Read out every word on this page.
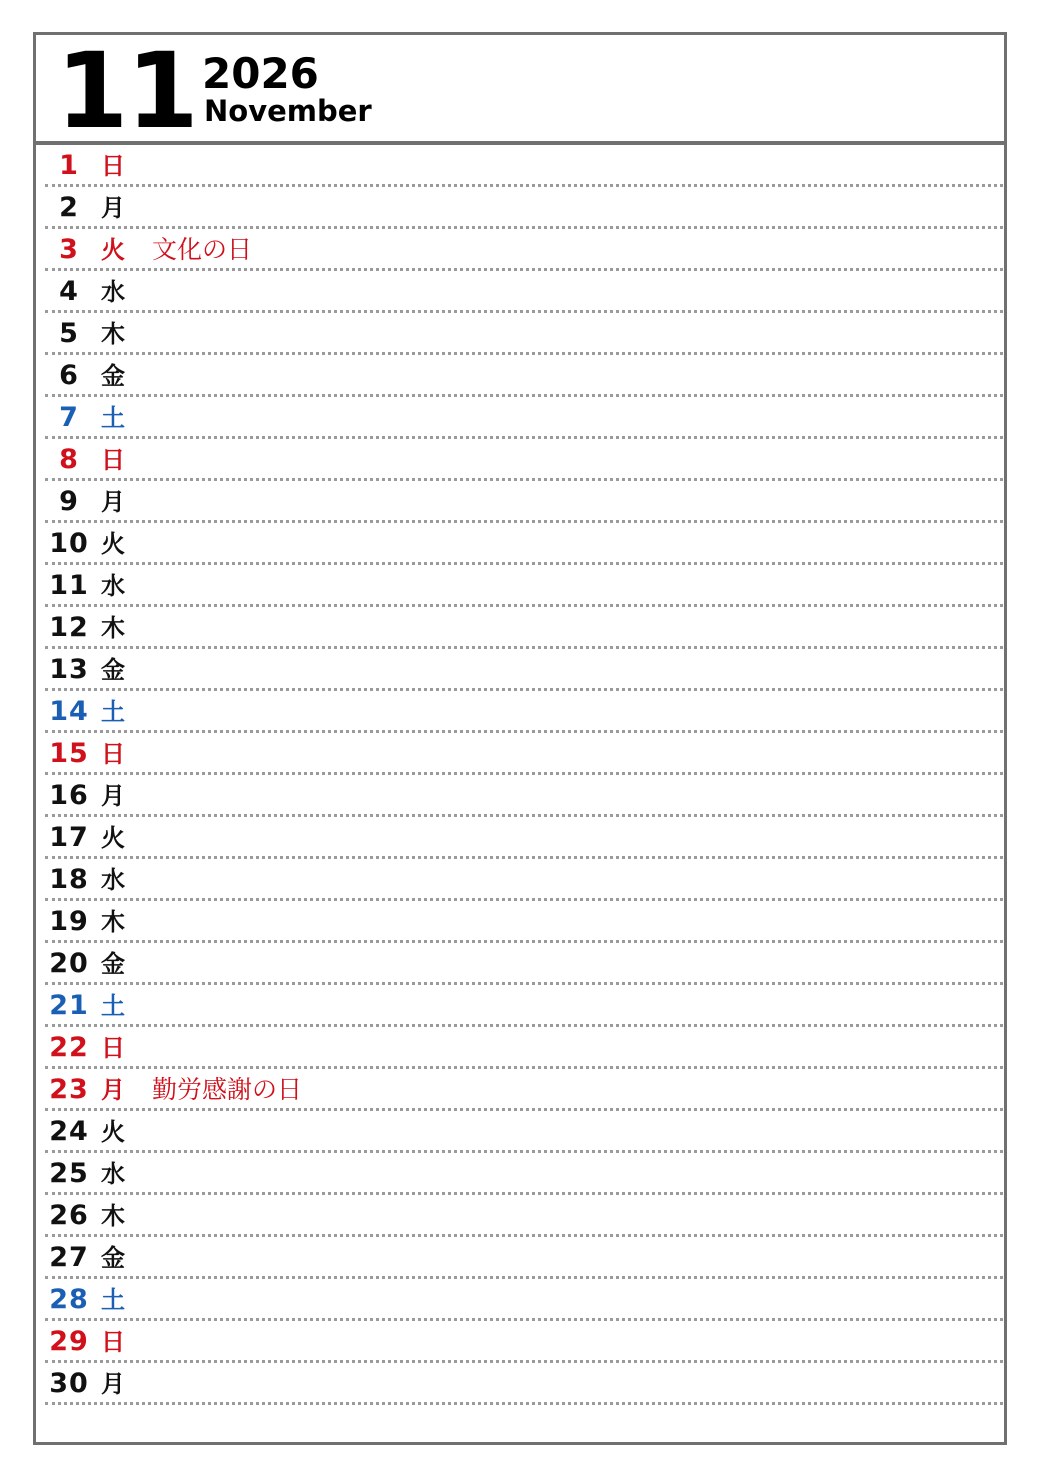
11 2026
November
1 日
2 月
3 火 文化の日
4 水
5 木
6 金
7 土
8 日
9 月
10 火
11 水
12 木
13 金
14 土
15 日
16 月
17 火
18 水
19 木
20 金
21 土
22 日
23 月 勤労感謝の日
24 火
25 水
26 木
27 金
28 土
29 日
30 月
